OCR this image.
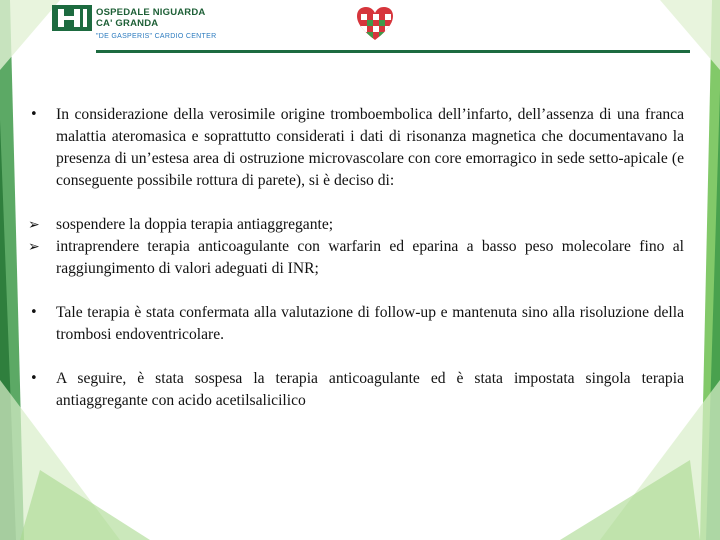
OSPEDALE NIGUARDA
CA' GRANDA
"DE GASPERIS" CARDIO CENTER
•	In considerazione della verosimile origine tromboembolica dell’infarto, dell’assenza di una franca malattia ateromasica e soprattutto considerati i dati di risonanza magnetica che documentavano la presenza di un’estesa area di ostruzione microvascolare con core emorragico in sede setto-apicale (e conseguente possibile rottura di parete), si è deciso di:
➢	sospendere la doppia terapia antiaggregante;
➢	intraprendere terapia anticoagulante con warfarin ed eparina a basso peso molecolare fino al raggiungimento di valori adeguati di INR;
•	Tale terapia è stata confermata alla valutazione di follow-up e mantenuta sino alla risoluzione della trombosi endoventricolare.
•	A seguire, è stata sospesa la terapia anticoagulante ed è stata impostata singola terapia antiaggregante con acido acetilsalicilico
